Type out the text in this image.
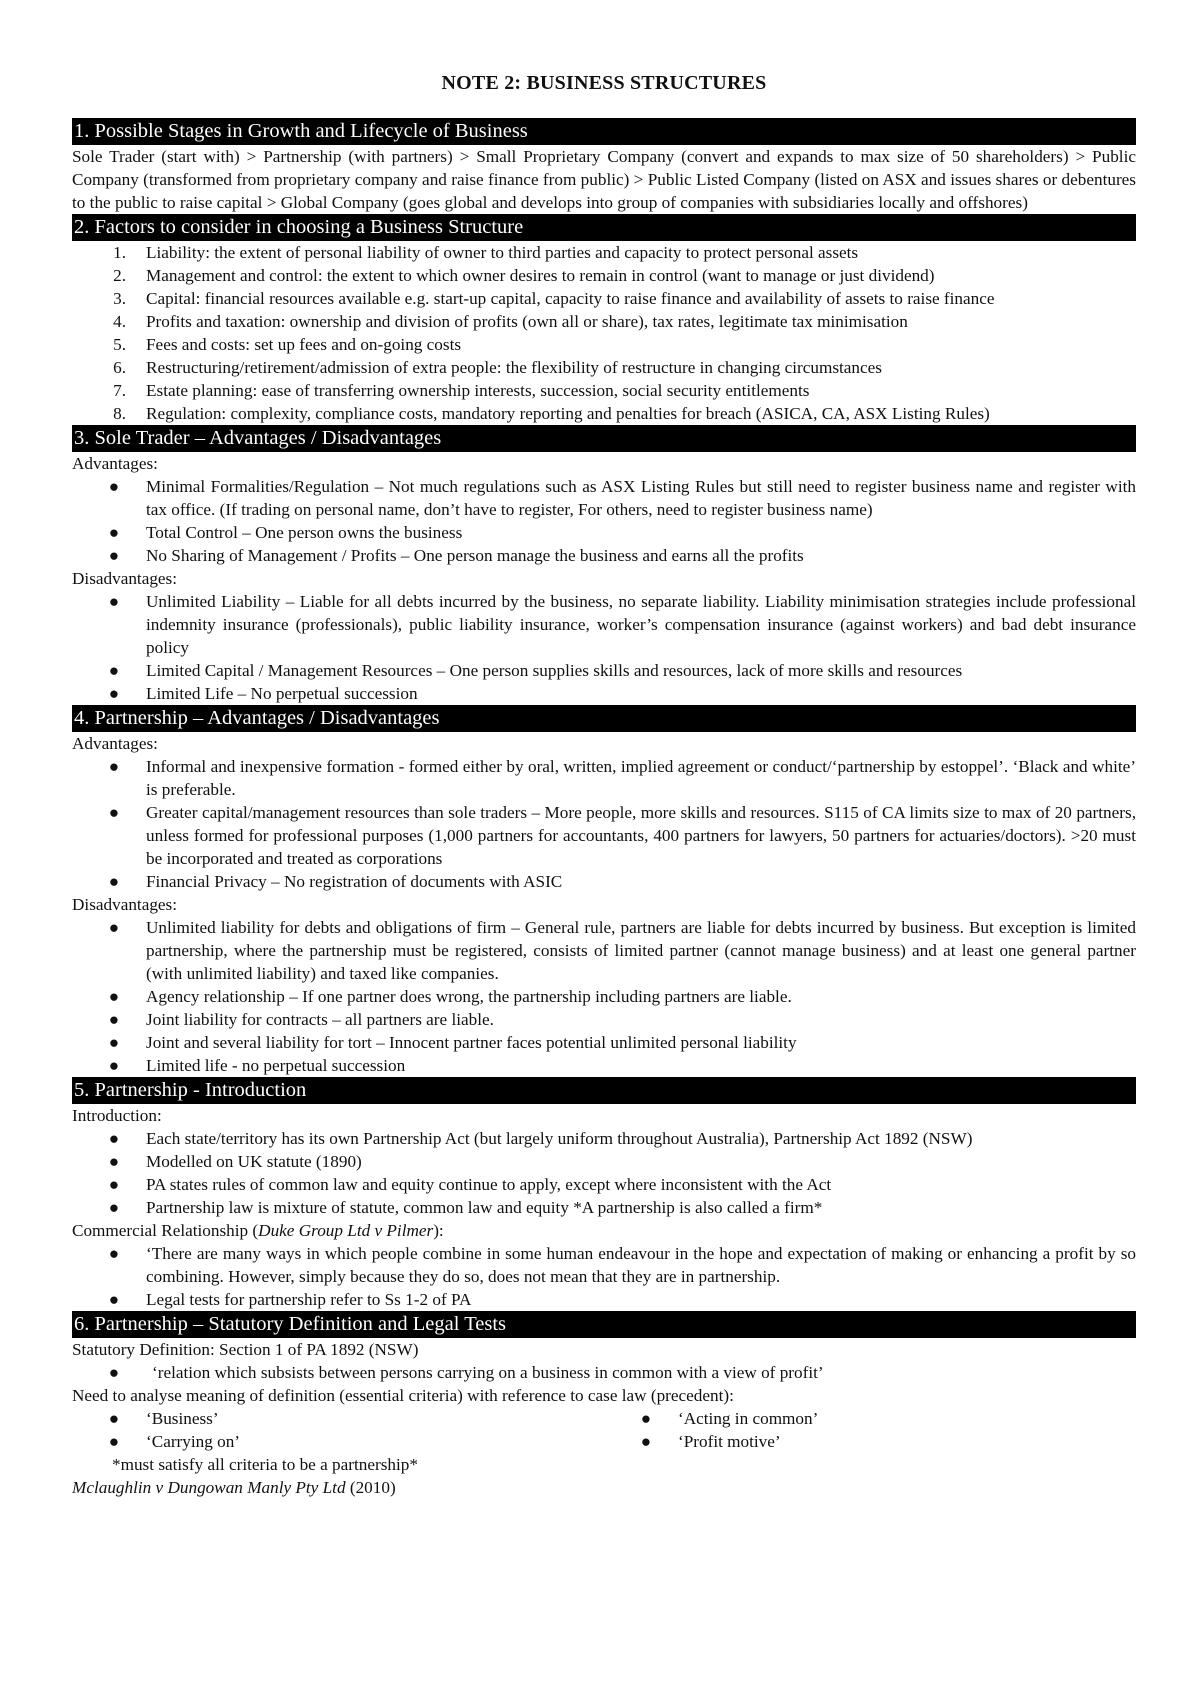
NOTE 2: BUSINESS STRUCTURES
1. Possible Stages in Growth and Lifecycle of Business

Sole Trader (start with) > Partnership (with partners) > Small Proprietary Company (convert and expands to max size of 50 shareholders) > Public Company (transformed from proprietary company and raise finance from public) > Public Listed Company (listed on ASX and issues shares or debentures to the public to raise capital > Global Company (goes global and develops into group of companies with subsidiaries locally and offshores)

2. Factors to consider in choosing a Business Structure
1. Liability: the extent of personal liability of owner to third parties and capacity to protect personal assets
2. Management and control: the extent to which owner desires to remain in control (want to manage or just dividend)
3. Capital: financial resources available e.g. start-up capital, capacity to raise finance and availability of assets to raise finance
4. Profits and taxation: ownership and division of profits (own all or share), tax rates, legitimate tax minimisation
5. Fees and costs: set up fees and on-going costs
6. Restructuring/retirement/admission of extra people: the flexibility of restructure in changing circumstances
7. Estate planning: ease of transferring ownership interests, succession, social security entitlements
8. Regulation: complexity, compliance costs, mandatory reporting and penalties for breach (ASICA, CA, ASX Listing Rules)
3. Sole Trader – Advantages / Disadvantages

Advantages:

● Minimal Formalities/Regulation – Not much regulations such as ASX Listing Rules but still need to register business name and register with tax office. (If trading on personal name, don’t have to register, For others, need to register business name)
● Total Control – One person owns the business
● No Sharing of Management / Profits – One person manage the business and earns all the profits

Disadvantages:

● Unlimited Liability – Liable for all debts incurred by the business, no separate liability. Liability minimisation strategies include professional indemnity insurance (professionals), public liability insurance, worker’s compensation insurance (against workers) and bad debt insurance policy
● Limited Capital / Management Resources – One person supplies skills and resources, lack of more skills and resources
● Limited Life – No perpetual succession
4. Partnership – Advantages / Disadvantages

Advantages:

● Informal and inexpensive formation - formed either by oral, written, implied agreement or conduct/‘partnership by estoppel’. ‘Black and white’ is preferable.
● Greater capital/management resources than sole traders – More people, more skills and resources. S115 of CA limits size to max of 20 partners, unless formed for professional purposes (1,000 partners for accountants, 400 partners for lawyers, 50 partners for actuaries/doctors). >20 must be incorporated and treated as corporations
● Financial Privacy – No registration of documents with ASIC

Disadvantages:

● Unlimited liability for debts and obligations of firm – General rule, partners are liable for debts incurred by business. But exception is limited partnership, where the partnership must be registered, consists of limited partner (cannot manage business) and at least one general partner (with unlimited liability) and taxed like companies.
● Agency relationship – If one partner does wrong, the partnership including partners are liable.
● Joint liability for contracts – all partners are liable.
● Joint and several liability for tort – Innocent partner faces potential unlimited personal liability
● Limited life - no perpetual succession
5. Partnership - Introduction

Introduction:

● Each state/territory has its own Partnership Act (but largely uniform throughout Australia), Partnership Act 1892 (NSW)
● Modelled on UK statute (1890)
● PA states rules of common law and equity continue to apply, except where inconsistent with the Act
● Partnership law is mixture of statute, common law and equity *A partnership is also called a firm*

Commercial Relationship (Duke Group Ltd v Pilmer):

● ‘There are many ways in which people combine in some human endeavour in the hope and expectation of making or enhancing a profit by so combining. However, simply because they do so, does not mean that they are in partnership.
● Legal tests for partnership refer to Ss 1-2 of PA
6. Partnership – Statutory Definition and Legal Tests

Statutory Definition: Section 1 of PA 1892 (NSW)

● ‘relation which subsists between persons carrying on a business in common with a view of profit’

Need to analyse meaning of definition (essential criteria) with reference to case law (precedent):

● ‘Business’
● ‘Carrying on’
● ‘Acting in common’
● ‘Profit motive’

*must satisfy all criteria to be a partnership*

Mclaughlin v Dungowan Manly Pty Ltd (2010)
